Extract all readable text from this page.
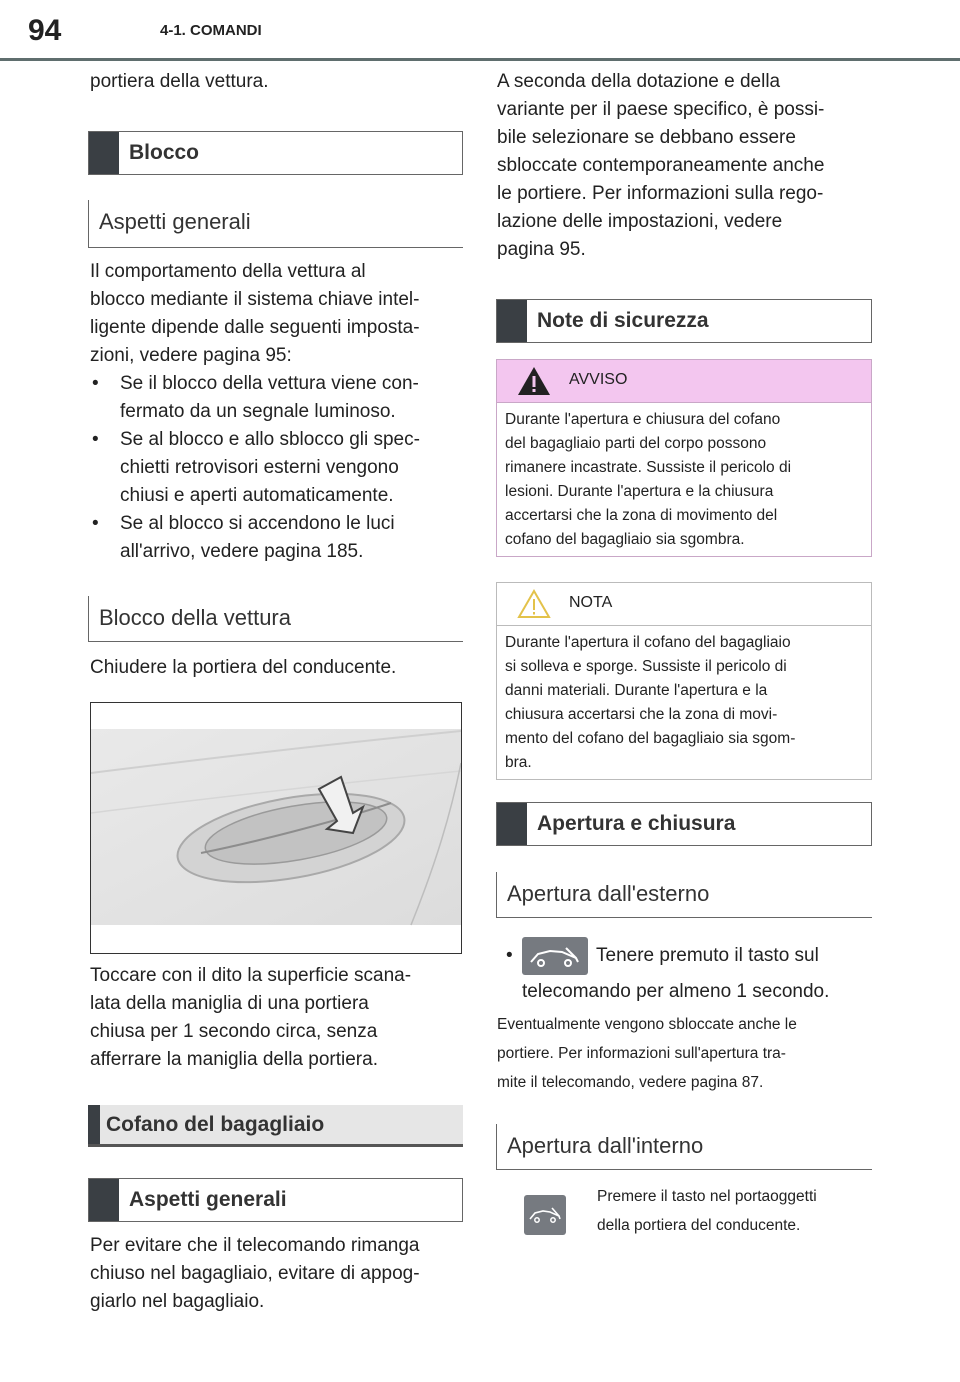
94	4-1. COMANDI
portiera della vettura.
Blocco
Aspetti generali
Il comportamento della vettura al
blocco mediante il sistema chiave intel-
ligente dipende dalle seguenti imposta-
zioni, vedere pagina 95:
• Se il blocco della vettura viene con-
fermato da un segnale luminoso.
• Se al blocco e allo sblocco gli spec-
chietti retrovisori esterni vengono
chiusi e aperti automaticamente.
• Se al blocco si accendono le luci
all'arrivo, vedere pagina 185.
Blocco della vettura
Chiudere la portiera del conducente.
Toccare con il dito la superficie scana-
lata della maniglia di una portiera
chiusa per 1 secondo circa, senza
afferrare la maniglia della portiera.
Cofano del bagagliaio
Aspetti generali
Per evitare che il telecomando rimanga
chiuso nel bagagliaio, evitare di appog-
giarlo nel bagagliaio.
A seconda della dotazione e della
variante per il paese specifico, è possi-
bile selezionare se debbano essere
sbloccate contemporaneamente anche
le portiere. Per informazioni sulla rego-
lazione delle impostazioni, vedere
pagina 95.
Note di sicurezza
AVVISO
Durante l'apertura e chiusura del cofano
del bagagliaio parti del corpo possono
rimanere incastrate. Sussiste il pericolo di
lesioni. Durante l'apertura e la chiusura
accertarsi che la zona di movimento del
cofano del bagagliaio sia sgombra.
NOTA
Durante l'apertura il cofano del bagagliaio
si solleva e sporge. Sussiste il pericolo di
danni materiali. Durante l'apertura e la
chiusura accertarsi che la zona di movi-
mento del cofano del bagagliaio sia sgom-
bra.
Apertura e chiusura
Apertura dall'esterno
•	Tenere premuto il tasto sul
telecomando per almeno 1 secondo.
Eventualmente vengono sbloccate anche le
portiere. Per informazioni sull'apertura tra-
mite il telecomando, vedere pagina 87.
Apertura dall'interno
Premere il tasto nel portaoggetti
della portiera del conducente.
